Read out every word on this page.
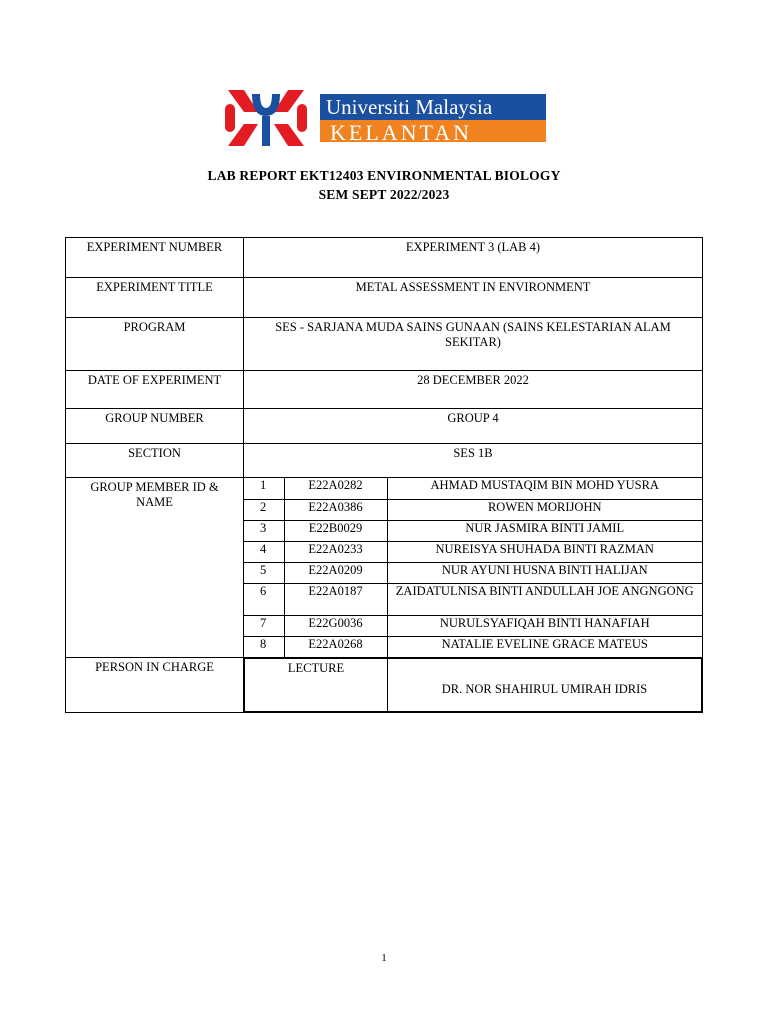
Universiti Malaysia
KELANTAN
LAB REPORT EKT12403 ENVIRONMENTAL BIOLOGY
SEM SEPT 2022/2023
EXPERIMENT NUMBER	EXPERIMENT 3 (LAB 4)
EXPERIMENT TITLE	METAL ASSESSMENT IN ENVIRONMENT
PROGRAM	SES - SARJANA MUDA SAINS GUNAAN (SAINS KELESTARIAN ALAM SEKITAR)
DATE OF EXPERIMENT	28 DECEMBER 2022
GROUP NUMBER	GROUP 4
SECTION	SES 1B
GROUP MEMBER ID & NAME	
1	E22A0282	AHMAD MUSTAQIM BIN MOHD YUSRA
2	E22A0386	ROWEN MORIJOHN
3	E22B0029	NUR JASMIRA BINTI JAMIL
4	E22A0233	NUREISYA SHUHADA BINTI RAZMAN
5	E22A0209	NUR AYUNI HUSNA BINTI HALIJAN
6	E22A0187	ZAIDATULNISA BINTI ANDULLAH JOE ANGNGONG
7	E22G0036	NURULSYAFIQAH BINTI HANAFIAH
8	E22A0268	NATALIE EVELINE GRACE MATEUS

PERSON IN CHARGE		LECTURE	DR. NOR SHAHIRUL UMIRAH IDRIS
1
